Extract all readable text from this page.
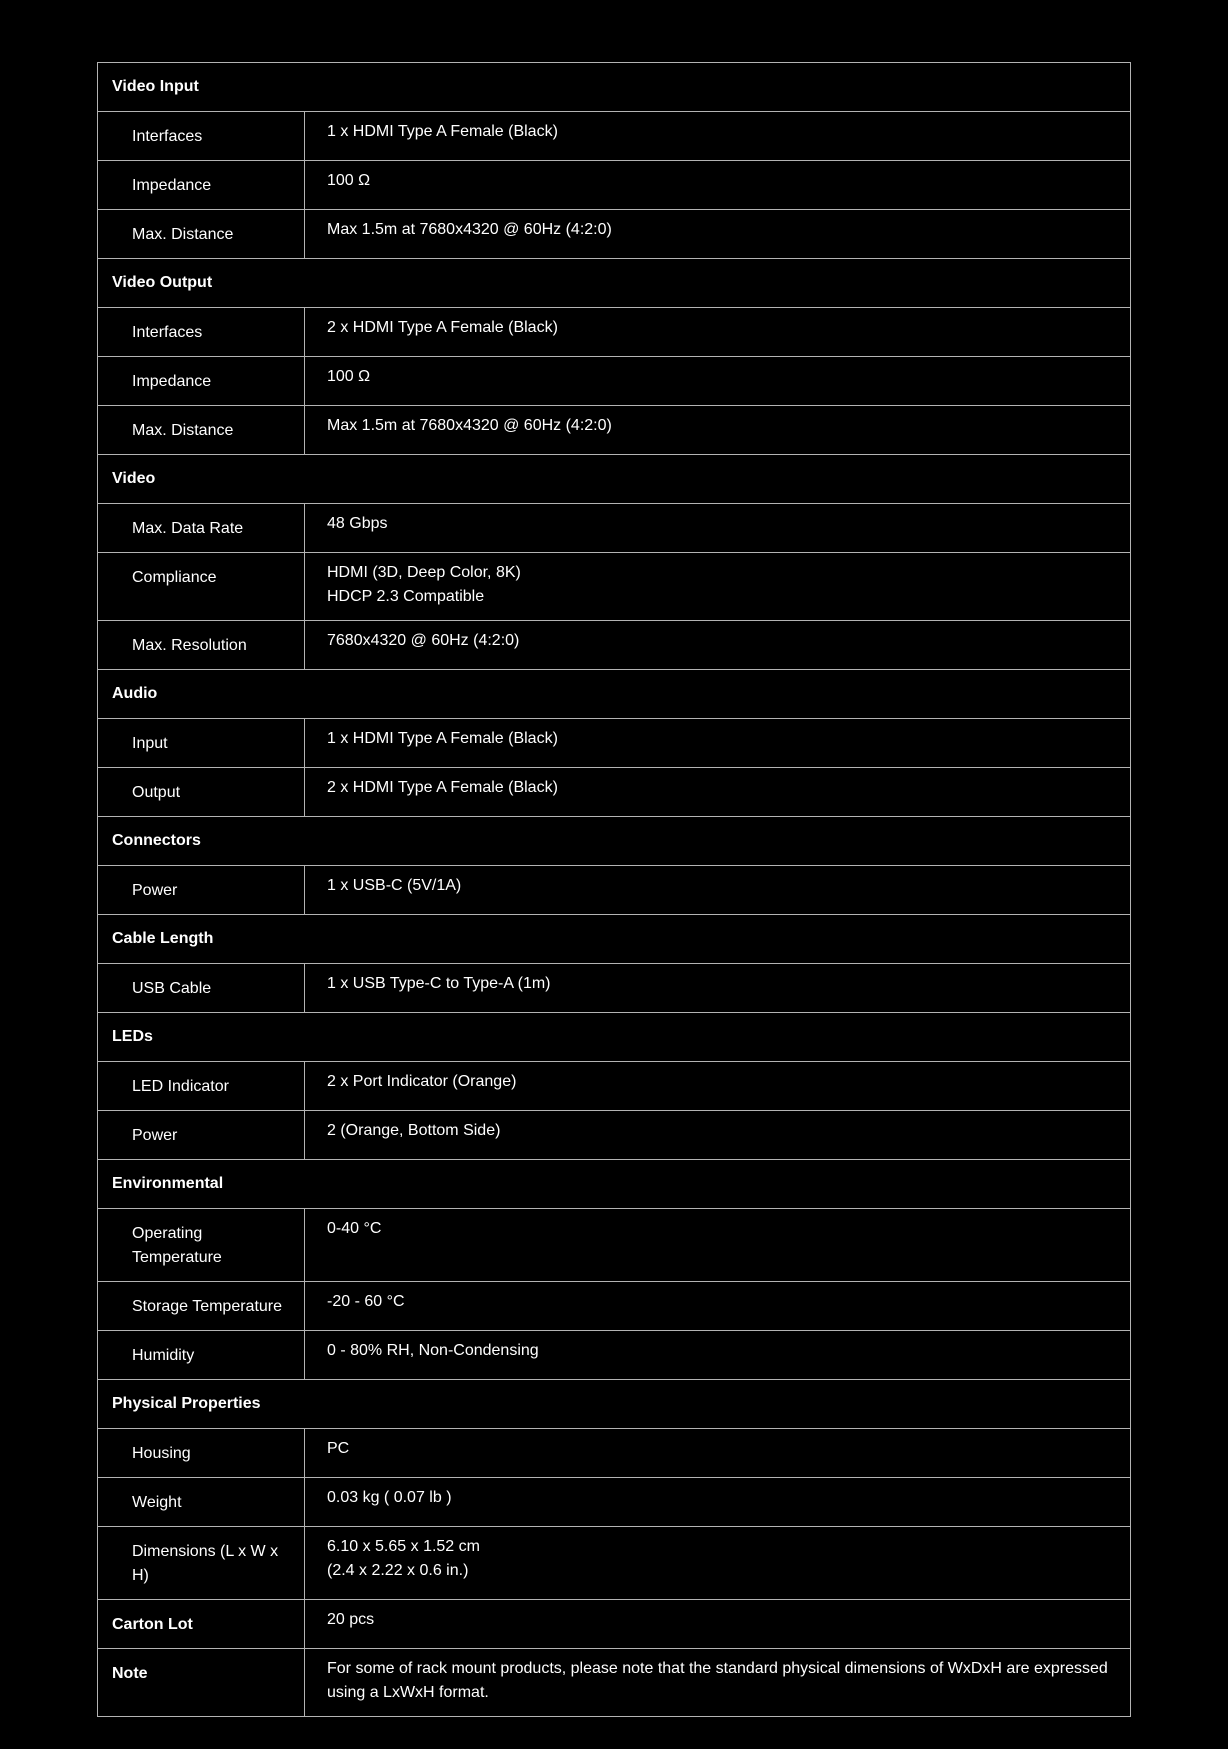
Video Input	
Interfaces	1 x HDMI Type A Female (Black)

Impedance	100 Ω

Max. Distance	Max 1.5m at 7680x4320 @ 60Hz (4:2:0)

Video Output	
Interfaces	2 x HDMI Type A Female (Black)

Impedance	100 Ω

Max. Distance	Max 1.5m at 7680x4320 @ 60Hz (4:2:0)

Video	
Max. Data Rate	48 Gbps

Compliance	HDMI (3D, Deep Color, 8K)
HDCP 2.3 Compatible

Max. Resolution	7680x4320 @ 60Hz (4:2:0)

Audio	
Input	1 x HDMI Type A Female (Black)

Output	2 x HDMI Type A Female (Black)

Connectors	
Power	1 x USB-C (5V/1A)

Cable Length	
USB Cable	1 x USB Type-C to Type-A (1m)

LEDs	
LED Indicator	2 x Port Indicator (Orange)

Power	2 (Orange, Bottom Side)

Environmental	
Operating Temperature	0-40 °C

Storage Temperature	-20 - 60 °C

Humidity	0 - 80% RH, Non-Condensing

Physical Properties	
Housing	PC

Weight	0.03 kg ( 0.07 lb )

Dimensions (L x W x H)	6.10 x 5.65 x 1.52 cm
(2.4 x 2.22 x 0.6 in.)

Carton Lot	20 pcs

Note	For some of rack mount products, please note that the standard physical dimensions of WxDxH are expressed using a LxWxH format.
